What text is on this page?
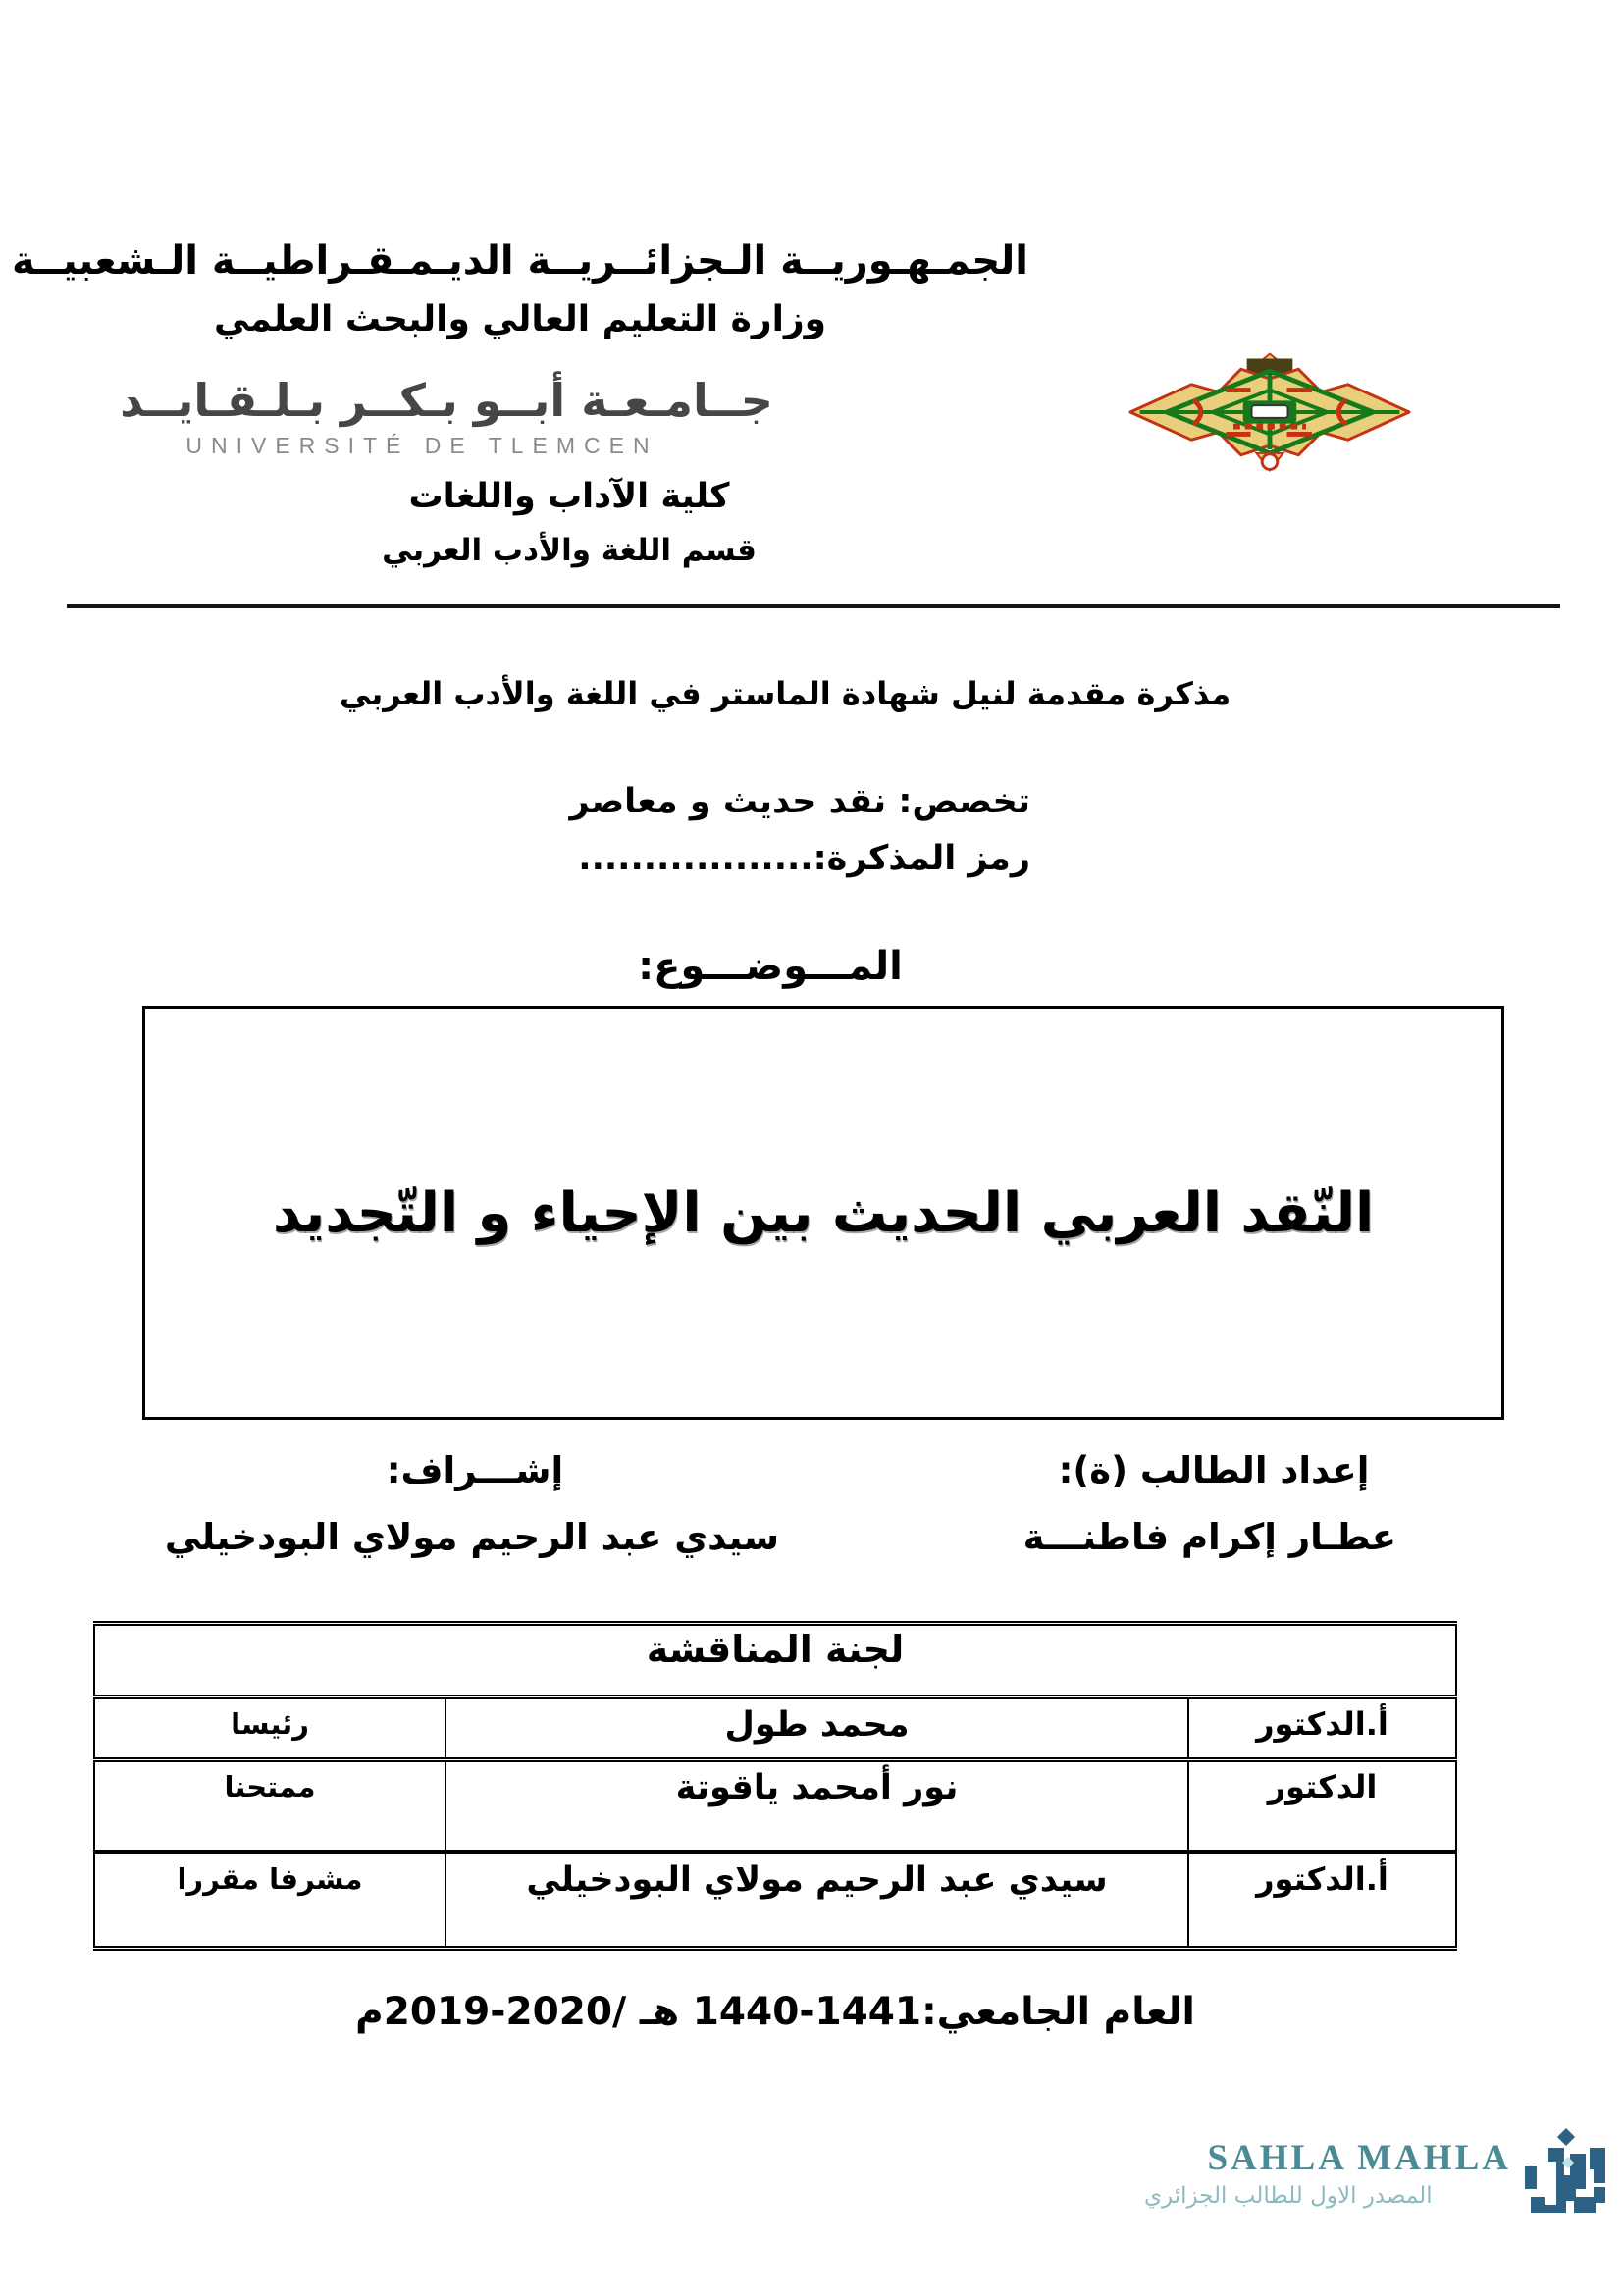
الجمـهـوريــة الـجزائــريــة الديـمـقـراطيــة الـشعبيــة
وزارة التعليم العالي والبحث العلمي
جــامـعـة أبــو بـكــر بـلـقـايــد
UNIVERSITÉ DE TLEMCEN
كلية الآداب واللغات
قسم اللغة والأدب العربي
مذكرة مقدمة لنيل شهادة الماستر في اللغة والأدب العربي
تخصص: نقد حديث و معاصر
رمز المذكرة:..................
المـــوضـــوع:
النّقد العربي الحديث بين الإحياء و التّجديد
إعداد الطالب (ة):
عطـار إكرام فاطنـــة
إشـــراف:
سيدي عبد الرحيم مولاي البودخيلي
لجنة المناقشة		
أ.الدكتور	محمد طول	رئيسا
الدكتور	نور أمحمد ياقوتة	ممتحنا
أ.الدكتور	سيدي عبد الرحيم مولاي البودخيلي	مشرفا مقررا
العام الجامعي:1441-1440 هـ /2020-2019م
SAHLA MAHLA
المصدر الاول للطالب الجزائري
